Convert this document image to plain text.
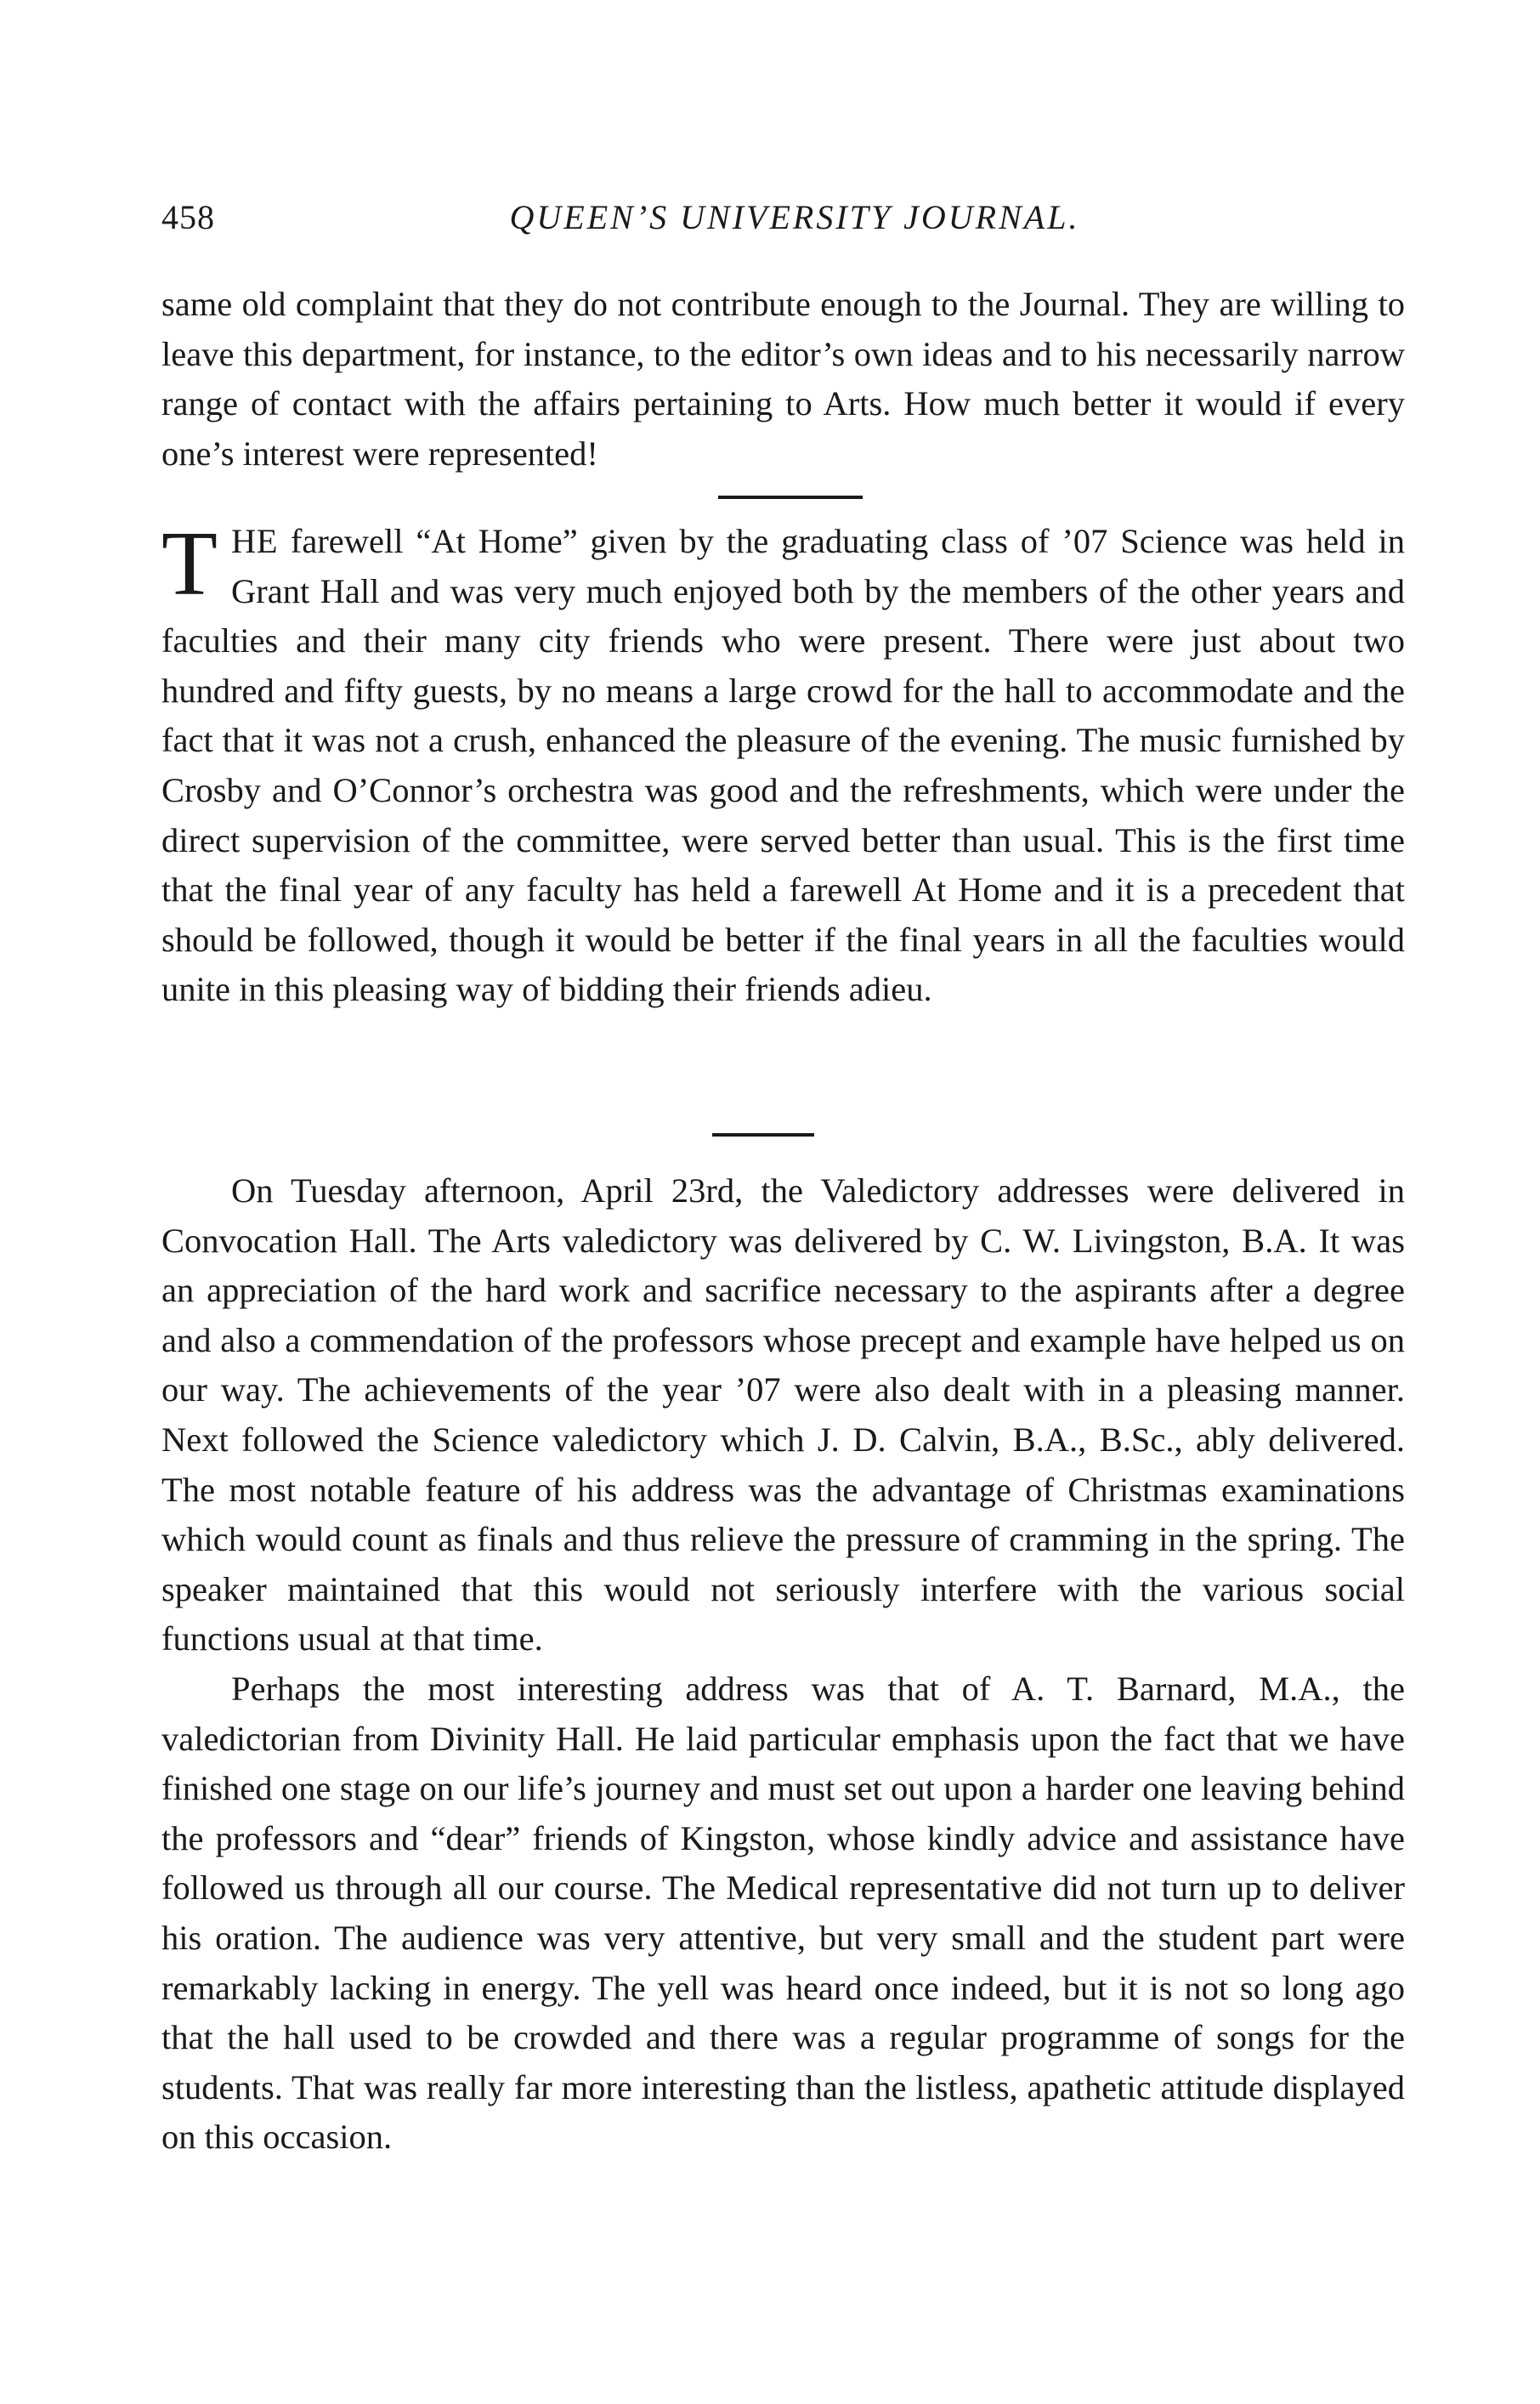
458	QUEEN’S UNIVERSITY JOURNAL.

same old complaint that they do not contribute enough to the Journal. They are willing to leave this department, for instance, to the editor’s own ideas and to his necessarily narrow range of contact with the affairs pertaining to Arts. How much better it would if every one’s interest were represented!

THE farewell “At Home” given by the graduating class of ’07 Science was held in Grant Hall and was very much enjoyed both by the members of the other years and faculties and their many city friends who were present. There were just about two hundred and fifty guests, by no means a large crowd for the hall to accommodate and the fact that it was not a crush, enhanced the pleasure of the evening. The music furnished by Crosby and O’Connor’s orchestra was good and the refreshments, which were under the direct supervision of the committee, were served better than usual. This is the first time that the final year of any faculty has held a farewell At Home and it is a precedent that should be followed, though it would be better if the final years in all the faculties would unite in this pleasing way of bidding their friends adieu.

On Tuesday afternoon, April 23rd, the Valedictory addresses were delivered in Convocation Hall. The Arts valedictory was delivered by C. W. Livingston, B.A. It was an appreciation of the hard work and sacrifice necessary to the aspirants after a degree and also a commendation of the professors whose precept and example have helped us on our way. The achievements of the year ’07 were also dealt with in a pleasing manner. Next followed the Science valedictory which J. D. Calvin, B.A., B.Sc., ably delivered. The most notable feature of his address was the advantage of Christmas examinations which would count as finals and thus relieve the pressure of cramming in the spring. The speaker maintained that this would not seriously interfere with the various social functions usual at that time.

Perhaps the most interesting address was that of A. T. Barnard, M.A., the valedictorian from Divinity Hall. He laid particular emphasis upon the fact that we have finished one stage on our life’s journey and must set out upon a harder one leaving behind the professors and “dear” friends of Kingston, whose kindly advice and assistance have followed us through all our course. The Medical representative did not turn up to deliver his oration. The audience was very attentive, but very small and the student part were remarkably lacking in energy. The yell was heard once indeed, but it is not so long ago that the hall used to be crowded and there was a regular programme of songs for the students. That was really far more interesting than the listless, apathetic attitude displayed on this occasion.
